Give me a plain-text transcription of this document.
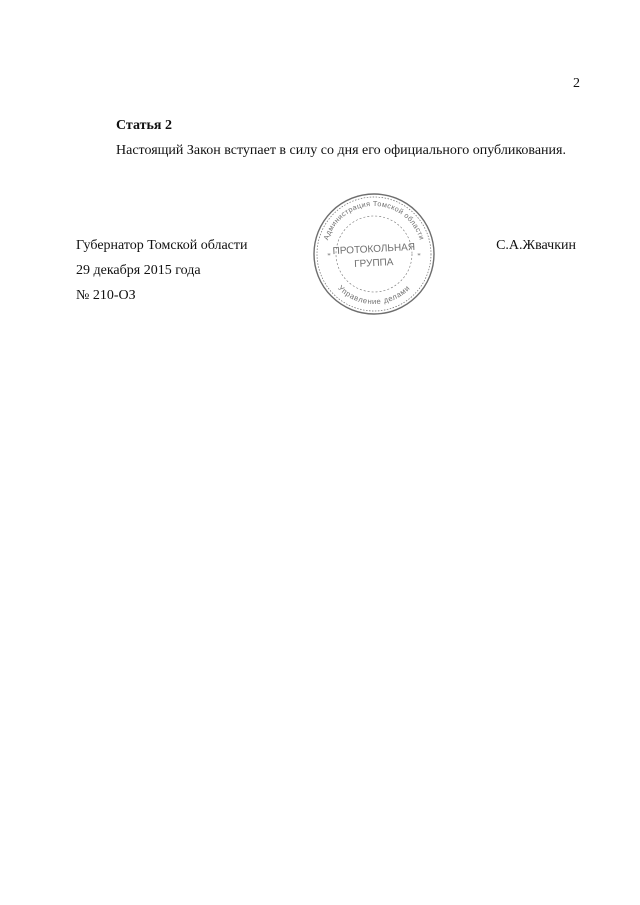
2
Статья 2
Настоящий Закон вступает в силу со дня его официального опубликования.
Губернатор Томской области
29 декабря 2015 года
№ 210-ОЗ
С.А.Жвачкин
Администрация Томской области
Управление делами
*	*
ПРОТОКОЛЬНАЯ
ГРУППА
